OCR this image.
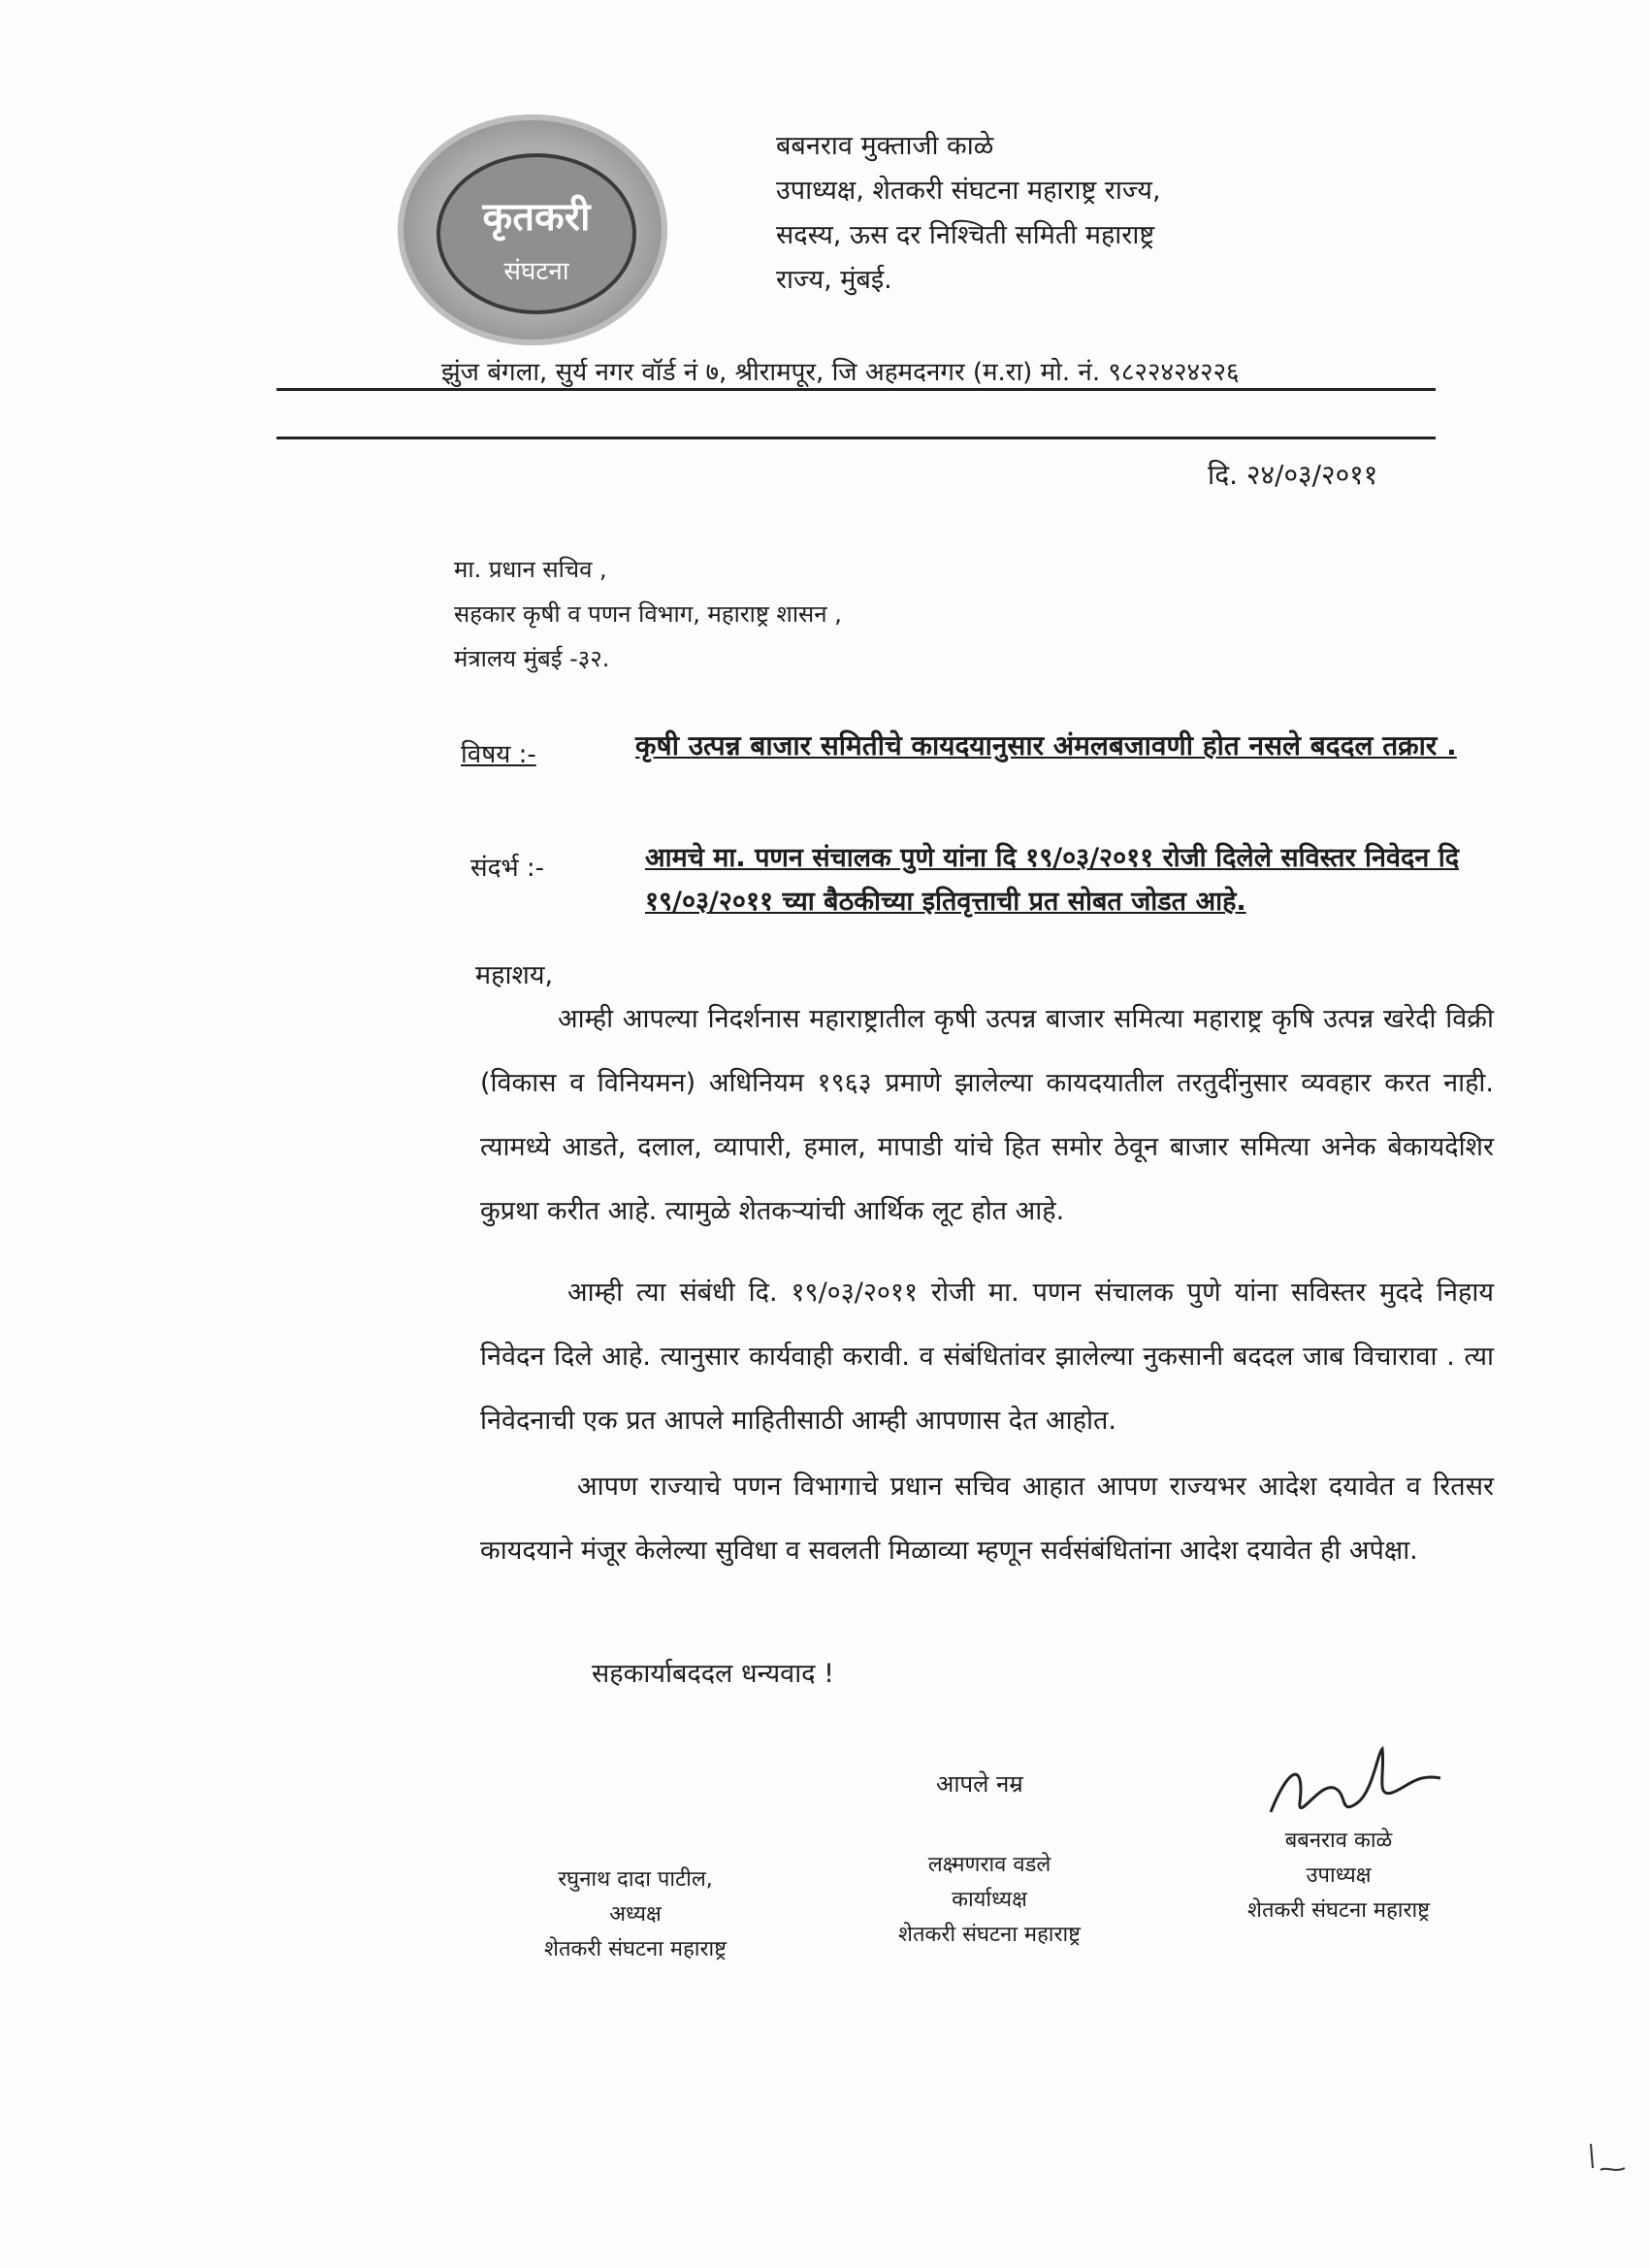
कृतकरी
संघटना
बबनराव मुक्ताजी काळे
उपाध्यक्ष, शेतकरी संघटना महाराष्ट्र राज्य,
सदस्य, ऊस दर निश्चिती समिती महाराष्ट्र
राज्य, मुंबई.
झुंज बंगला, सुर्य नगर वॉर्ड नं ७, श्रीरामपूर, जि अहमदनगर (म.रा) मो. नं. ९८२२४२४२२६
दि. २४/०३/२०११
मा. प्रधान सचिव ,
सहकार कृषी व पणन विभाग, महाराष्ट्र शासन ,
मंत्रालय मुंबई -३२.
विषय :-	कृषी उत्पन्न बाजार समितीचे कायदयानुसार अंमलबजावणी होत नसले बददल तक्रार .
संदर्भ :-	आमचे मा. पणन संचालक पुणे यांना दि १९/०३/२०११ रोजी दिलेले सविस्तर निवेदन दि १९/०३/२०११ च्या बैठकीच्या इतिवृत्ताची प्रत सोबत जोडत आहे.
महाशय,
आम्ही आपल्या निदर्शनास महाराष्ट्रातील कृषी उत्पन्न बाजार समित्या महाराष्ट्र कृषि उत्पन्न खरेदी विक्री (विकास व विनियमन) अधिनियम १९६३ प्रमाणे झालेल्या कायदयातील तरतुदींनुसार व्यवहार करत नाही. त्यामध्ये आडते, दलाल, व्यापारी, हमाल, मापाडी यांचे हित समोर ठेवून बाजार समित्या अनेक बेकायदेशिर कुप्रथा करीत आहे. त्यामुळे शेतकऱ्यांची आर्थिक लूट होत आहे.
आम्ही त्या संबंधी दि. १९/०३/२०११ रोजी मा. पणन संचालक पुणे यांना सविस्तर मुददे निहाय निवेदन दिले आहे. त्यानुसार कार्यवाही करावी. व संबंधितांवर झालेल्या नुकसानी बददल जाब विचारावा . त्या निवेदनाची एक प्रत आपले माहितीसाठी आम्ही आपणास देत आहोत.
आपण राज्याचे पणन विभागाचे प्रधान सचिव आहात आपण राज्यभर आदेश दयावेत व रितसर कायदयाने मंजूर केलेल्या सुविधा व सवलती मिळाव्या म्हणून सर्वसंबंधितांना आदेश दयावेत ही अपेक्षा.
सहकार्याबददल धन्यवाद !
आपले नम्र
रघुनाथ दादा पाटील,
अध्यक्ष
शेतकरी संघटना महाराष्ट्र
लक्ष्मणराव वडले
कार्याध्यक्ष
शेतकरी संघटना महाराष्ट्र
बबनराव काळे
उपाध्यक्ष
शेतकरी संघटना महाराष्ट्र
